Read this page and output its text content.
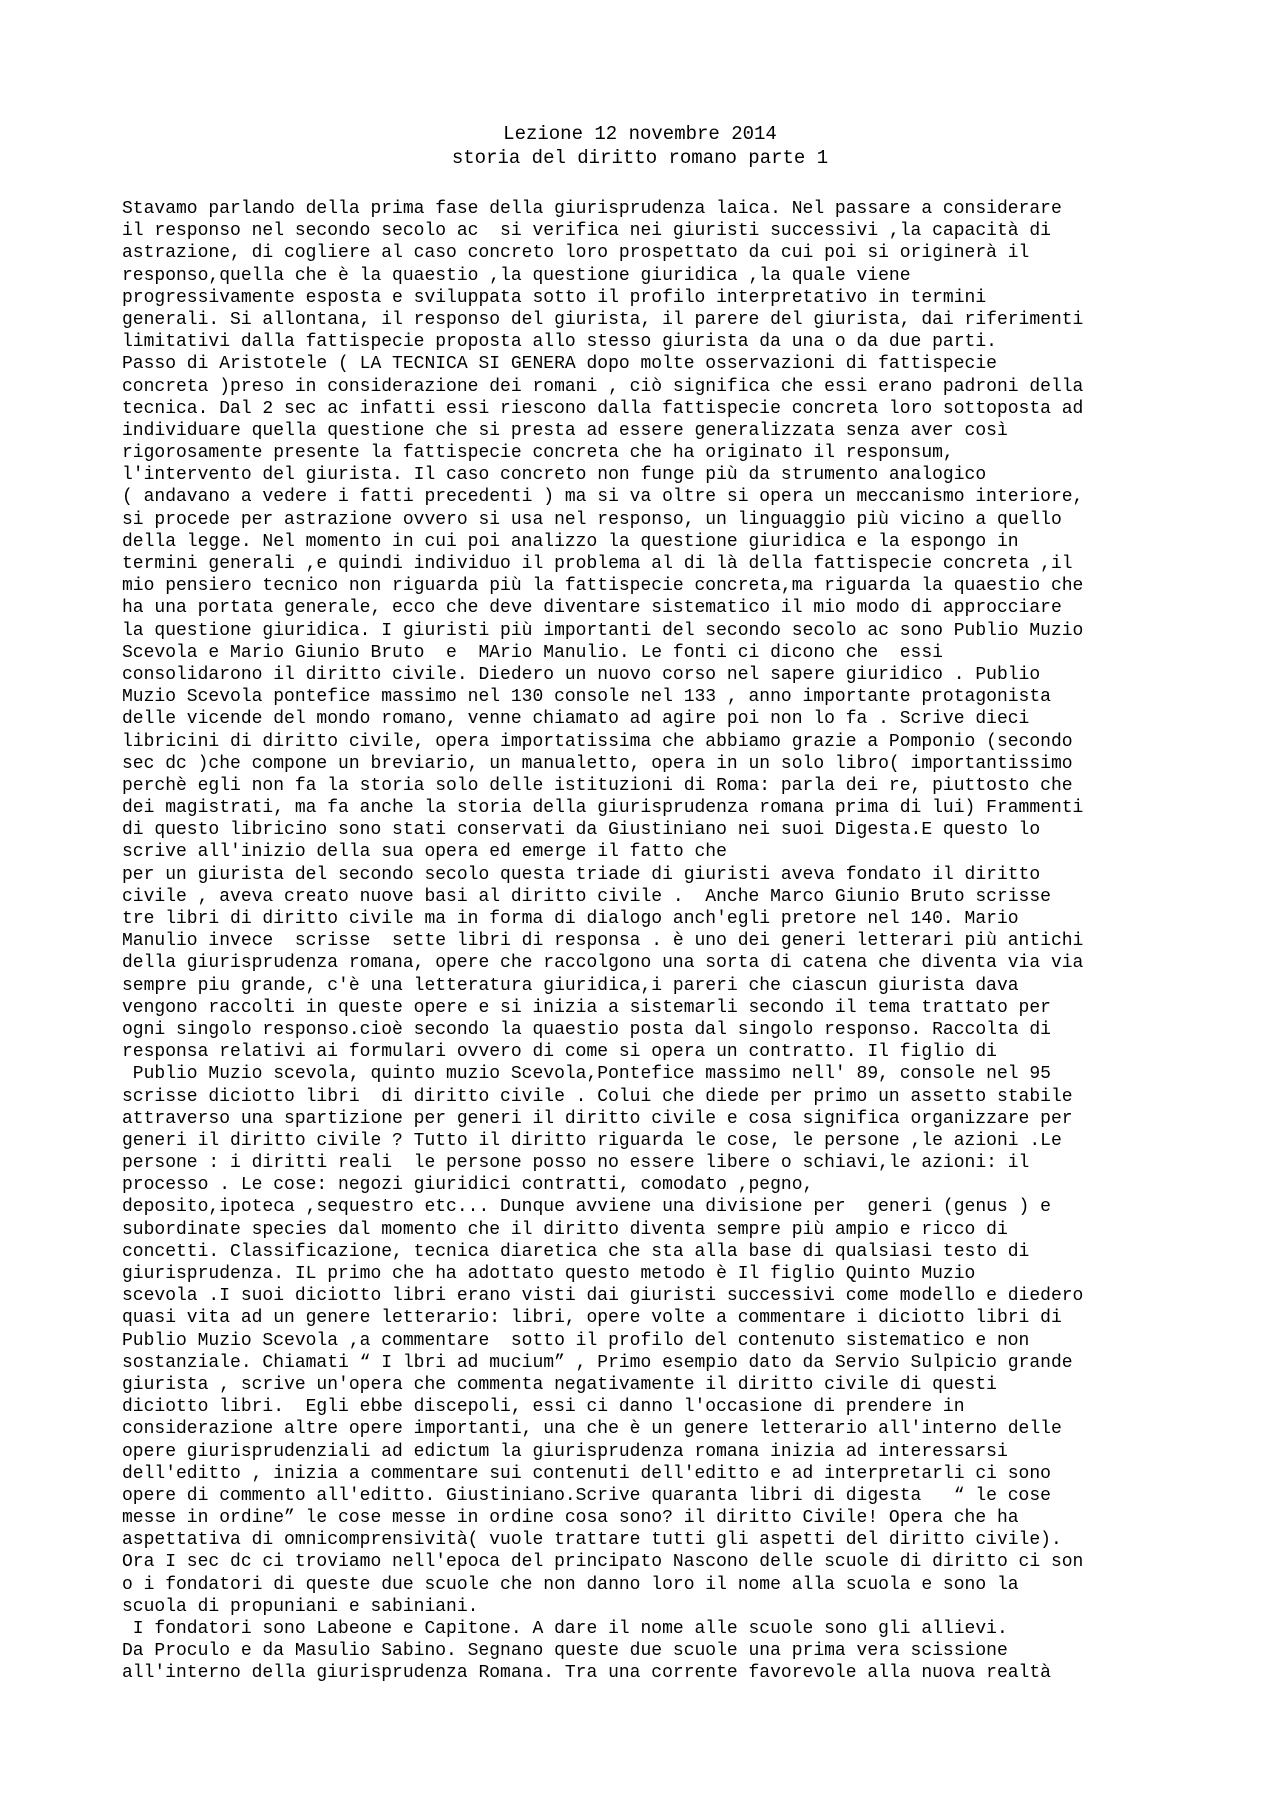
Lezione 12 novembre 2014
storia del diritto romano parte 1
Stavamo parlando della prima fase della giurisprudenza laica. Nel passare a considerare
il responso nel secondo secolo ac  si verifica nei giuristi successivi ,la capacità di
astrazione, di cogliere al caso concreto loro prospettato da cui poi si originerà il
responso,quella che è la quaestio ,la questione giuridica ,la quale viene
progressivamente esposta e sviluppata sotto il profilo interpretativo in termini
generali. Si allontana, il responso del giurista, il parere del giurista, dai riferimenti
limitativi dalla fattispecie proposta allo stesso giurista da una o da due parti.
Passo di Aristotele ( LA TECNICA SI GENERA dopo molte osservazioni di fattispecie
concreta )preso in considerazione dei romani , ciò significa che essi erano padroni della
tecnica. Dal 2 sec ac infatti essi riescono dalla fattispecie concreta loro sottoposta ad
individuare quella questione che si presta ad essere generalizzata senza aver così
rigorosamente presente la fattispecie concreta che ha originato il responsum,
l'intervento del giurista. Il caso concreto non funge più da strumento analogico
( andavano a vedere i fatti precedenti ) ma si va oltre si opera un meccanismo interiore,
si procede per astrazione ovvero si usa nel responso, un linguaggio più vicino a quello
della legge. Nel momento in cui poi analizzo la questione giuridica e la espongo in
termini generali ,e quindi individuo il problema al di là della fattispecie concreta ,il
mio pensiero tecnico non riguarda più la fattispecie concreta,ma riguarda la quaestio che
ha una portata generale, ecco che deve diventare sistematico il mio modo di approcciare
la questione giuridica. I giuristi più importanti del secondo secolo ac sono Publio Muzio
Scevola e Mario Giunio Bruto  e  MArio Manulio. Le fonti ci dicono che  essi
consolidarono il diritto civile. Diedero un nuovo corso nel sapere giuridico . Publio
Muzio Scevola pontefice massimo nel 130 console nel 133 , anno importante protagonista
delle vicende del mondo romano, venne chiamato ad agire poi non lo fa . Scrive dieci
libricini di diritto civile, opera importatissima che abbiamo grazie a Pomponio (secondo
sec dc )che compone un breviario, un manualetto, opera in un solo libro( importantissimo
perchè egli non fa la storia solo delle istituzioni di Roma: parla dei re, piuttosto che
dei magistrati, ma fa anche la storia della giurisprudenza romana prima di lui) Frammenti
di questo libricino sono stati conservati da Giustiniano nei suoi Digesta.E questo lo
scrive all'inizio della sua opera ed emerge il fatto che
per un giurista del secondo secolo questa triade di giuristi aveva fondato il diritto
civile , aveva creato nuove basi al diritto civile .  Anche Marco Giunio Bruto scrisse
tre libri di diritto civile ma in forma di dialogo anch'egli pretore nel 140. Mario
Manulio invece  scrisse  sette libri di responsa . è uno dei generi letterari più antichi
della giurisprudenza romana, opere che raccolgono una sorta di catena che diventa via via
sempre piu grande, c'è una letteratura giuridica,i pareri che ciascun giurista dava
vengono raccolti in queste opere e si inizia a sistemarli secondo il tema trattato per
ogni singolo responso.cioè secondo la quaestio posta dal singolo responso. Raccolta di
responsa relativi ai formulari ovvero di come si opera un contratto. Il figlio di
Publio Muzio scevola, quinto muzio Scevola,Pontefice massimo nell' 89, console nel 95
scrisse diciotto libri  di diritto civile . Colui che diede per primo un assetto stabile
attraverso una spartizione per generi il diritto civile e cosa significa organizzare per
generi il diritto civile ? Tutto il diritto riguarda le cose, le persone ,le azioni .Le
persone : i diritti reali  le persone posso no essere libere o schiavi,le azioni: il
processo . Le cose: negozi giuridici contratti, comodato ,pegno,
deposito,ipoteca ,sequestro etc... Dunque avviene una divisione per  generi (genus ) e
subordinate species dal momento che il diritto diventa sempre più ampio e ricco di
concetti. Classificazione, tecnica diaretica che sta alla base di qualsiasi testo di
giurisprudenza. IL primo che ha adottato questo metodo è Il figlio Quinto Muzio
scevola .I suoi diciotto libri erano visti dai giuristi successivi come modello e diedero
quasi vita ad un genere letterario: libri, opere volte a commentare i diciotto libri di
Publio Muzio Scevola ,a commentare  sotto il profilo del contenuto sistematico e non
sostanziale. Chiamati “ I lbri ad mucium” , Primo esempio dato da Servio Sulpicio grande
giurista , scrive un'opera che commenta negativamente il diritto civile di questi
diciotto libri.  Egli ebbe discepoli, essi ci danno l'occasione di prendere in
considerazione altre opere importanti, una che è un genere letterario all'interno delle
opere giurisprudenziali ad edictum la giurisprudenza romana inizia ad interessarsi
dell'editto , inizia a commentare sui contenuti dell'editto e ad interpretarli ci sono
opere di commento all'editto. Giustiniano.Scrive quaranta libri di digesta   “ le cose
messe in ordine” le cose messe in ordine cosa sono? il diritto Civile! Opera che ha
aspettativa di omnicomprensività( vuole trattare tutti gli aspetti del diritto civile).
Ora I sec dc ci troviamo nell'epoca del principato Nascono delle scuole di diritto ci son
o i fondatori di queste due scuole che non danno loro il nome alla scuola e sono la
scuola di propuniani e sabiniani.
I fondatori sono Labeone e Capitone. A dare il nome alle scuole sono gli allievi.
Da Proculo e da Masulio Sabino. Segnano queste due scuole una prima vera scissione
all'interno della giurisprudenza Romana. Tra una corrente favorevole alla nuova realtà
